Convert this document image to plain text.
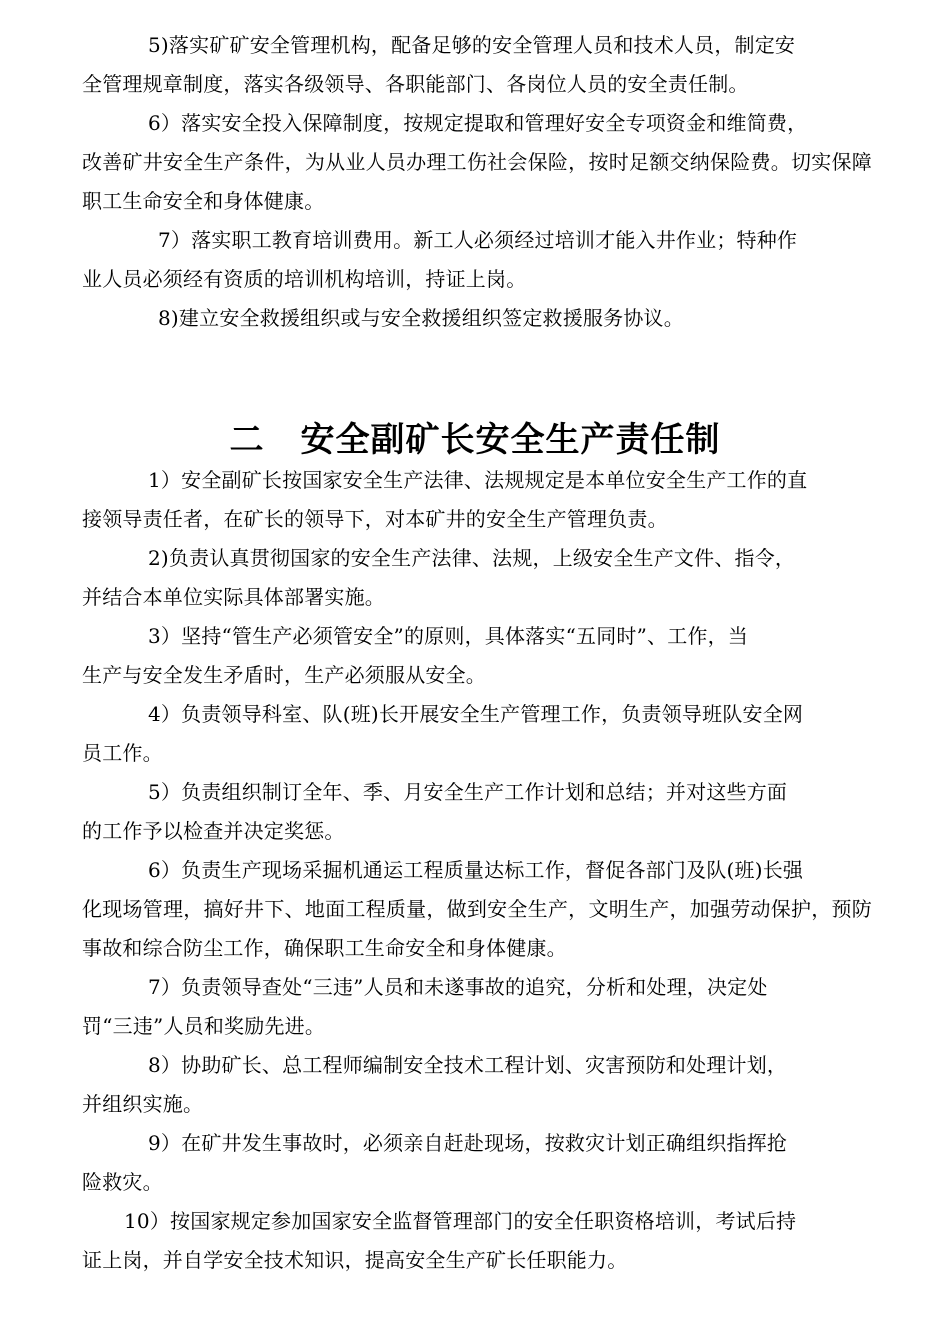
5)落实矿矿安全管理机构，配备足够的安全管理人员和技术人员，制定安
全管理规章制度，落实各级领导、各职能部门、各岗位人员的安全责任制。

6）落实安全投入保障制度，按规定提取和管理好安全专项资金和维简费，
改善矿井安全生产条件，为从业人员办理工伤社会保险，按时足额交纳保险费。切实保障职工生命安全和身体健康。

7）落实职工教育培训费用。新工人必须经过培训才能入井作业；特种作
业人员必须经有资质的培训机构培训，持证上岗。

8)建立安全救援组织或与安全救援组织签定救援服务协议。

二 安全副矿长安全生产责任制

1）安全副矿长按国家安全生产法律、法规规定是本单位安全生产工作的直
接领导责任者，在矿长的领导下，对本矿井的安全生产管理负责。

2)负责认真贯彻国家的安全生产法律、法规，上级安全生产文件、指令，
并结合本单位实际具体部署实施。

3）坚持“管生产必须管安全”的原则，具体落实“五同时”、工作，当
生产与安全发生矛盾时，生产必须服从安全。

4）负责领导科室、队(班)长开展安全生产管理工作，负责领导班队安全网
员工作。

5）负责组织制订全年、季、月安全生产工作计划和总结；并对这些方面
的工作予以检查并决定奖惩。

6）负责生产现场采掘机通运工程质量达标工作，督促各部门及队(班)长强
化现场管理，搞好井下、地面工程质量，做到安全生产，文明生产，加强劳动保护，预防事故和综合防尘工作，确保职工生命安全和身体健康。

7）负责领导查处“三违”人员和未遂事故的追究，分析和处理，决定处
罚“三违”人员和奖励先进。

8）协助矿长、总工程师编制安全技术工程计划、灾害预防和处理计划，
并组织实施。

9）在矿井发生事故时，必须亲自赶赴现场，按救灾计划正确组织指挥抢
险救灾。

10）按国家规定参加国家安全监督管理部门的安全任职资格培训，考试后持
证上岗，并自学安全技术知识，提高安全生产矿长任职能力。
